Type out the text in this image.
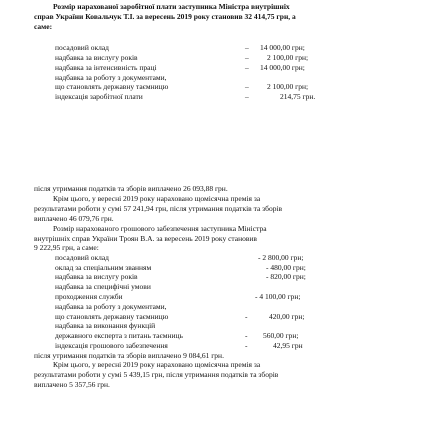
Розмір нарахованої заробітної плати заступника Міністра внутрішніх
справ України Ковальчук Т.І. за вересень 2019 року становив 32 414,75 грн, а
саме:
посадовий оклад	– 14 000,00 грн;
надбавка за вислугу років	– 2 100,00 грн;
надбавка за інтенсивність праці	– 14 000,00 грн;
надбавка за роботу з документами,
що становлять державну таємницю	– 2 100,00 грн;
індексація заробітної плати	–	214,75 грн.
після утримання податків та зборів виплачено 26 093,88 грн.
Крім цього, у вересні 2019 року нараховано щомісячна премія за
результатами роботи у сумі 57 241,94 грн, після утримання податків та зборів
виплачено 46 079,76 грн.
Розмір нарахованого грошового забезпечення заступника Міністра
внутрішніх справ України Троян В.А. за вересень 2019 року становив
9 222,95 грн, а саме:
посадовий оклад	- 2 800,00 грн;
оклад за спеціальним званням	- 480,00 грн;
надбавка за вислугу років	- 820,00 грн;
надбавка за специфічні умови
проходження служби	- 4 100,00 грн;
надбавка за роботу з документами,
що становлять державну таємницю	-	420,00 грн;
надбавка за виконання функцій
державного експерта з питань таємниць	- 560,00 грн;
індексація грошового забезпечення	-	42,95 грн
після утримання податків та зборів виплачено 9 084,61 грн.
Крім цього, у вересні 2019 року нараховано щомісячна премія за
результатами роботи у сумі 5 439,15 грн, після утримання податків та зборів
виплачено 5 357,56 грн.
